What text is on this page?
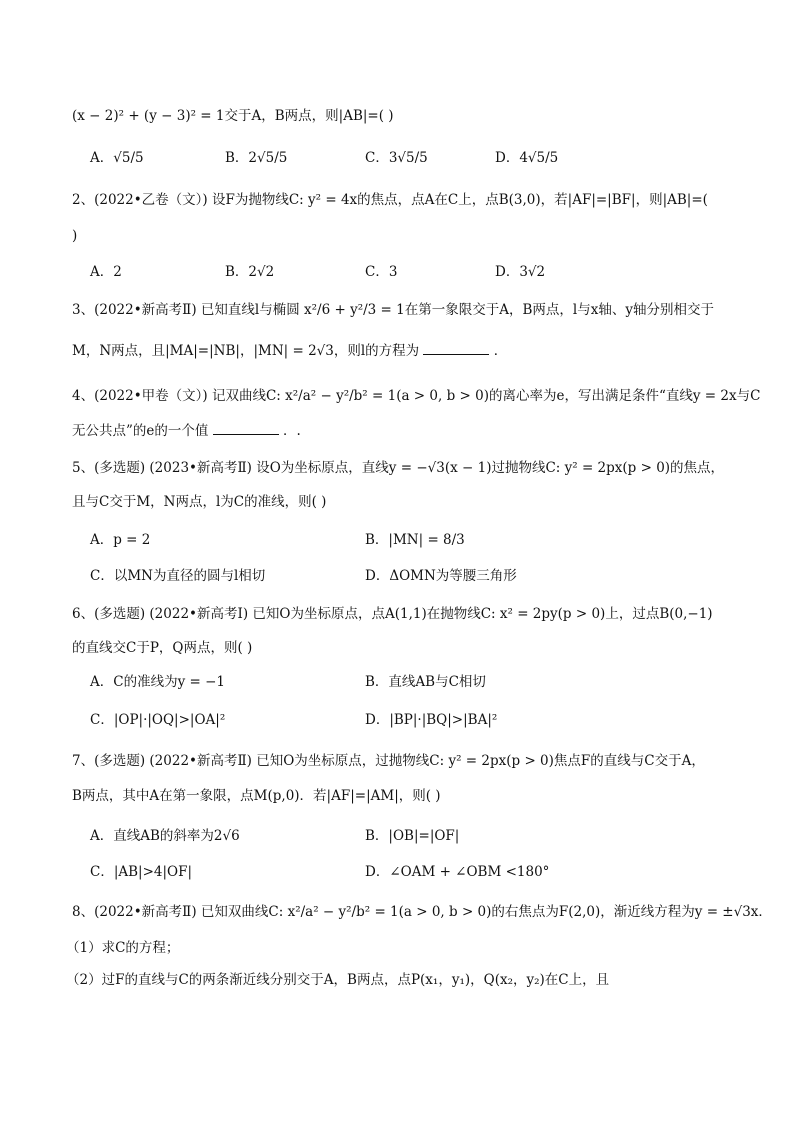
(x − 2)² + (y − 3)² = 1交于A，B两点，则|AB|=( )
A．√5/5	B．2√5/5	C．3√5/5	D．4√5/5
2、(2022•乙卷（文）) 设F为抛物线C: y² = 4x的焦点，点A在C上，点B(3,0)，若|AF|=|BF|，则|AB|=(
)
A．2	B．2√2	C．3	D．3√2
3、(2022•新高考Ⅱ) 已知直线l与椭圆 x²/6 + y²/3 = 1在第一象限交于A，B两点，l与x轴、y轴分别相交于
M，N两点，且|MA|=|NB|，|MN| = 2√3，则l的方程为	．
4、(2022•甲卷（文）) 记双曲线C: x²/a² − y²/b² = 1(a > 0, b > 0)的离心率为e，写出满足条件“直线y = 2x与C
无公共点”的e的一个值	．.
5、(多选题) (2023•新高考Ⅱ) 设O为坐标原点，直线y = −√3(x − 1)过抛物线C: y² = 2px(p > 0)的焦点，
且与C交于M，N两点，l为C的准线，则( )
A．p = 2	B．|MN| = 8/3
C．以MN为直径的圆与l相切	D．ΔOMN为等腰三角形
6、(多选题) (2022•新高考Ⅰ) 已知O为坐标原点，点A(1,1)在抛物线C: x² = 2py(p > 0)上，过点B(0,−1)
的直线交C于P，Q两点，则( )
A．C的准线为y = −1	B．直线AB与C相切
C．|OP|·|OQ|>|OA|²	D．|BP|·|BQ|>|BA|²
7、(多选题) (2022•新高考Ⅱ) 已知O为坐标原点，过抛物线C: y² = 2px(p > 0)焦点F的直线与C交于A，
B两点，其中A在第一象限，点M(p,0)．若|AF|=|AM|，则( )
A．直线AB的斜率为2√6	B．|OB|=|OF|
C．|AB|>4|OF|	D．∠OAM + ∠OBM <180°
8、(2022•新高考Ⅱ) 已知双曲线C: x²/a² − y²/b² = 1(a > 0, b > 0)的右焦点为F(2,0)，渐近线方程为y = ±√3x．
（1）求C的方程；
（2）过F的直线与C的两条渐近线分别交于A，B两点，点P(x₁，y₁)，Q(x₂，y₂)在C上，且
